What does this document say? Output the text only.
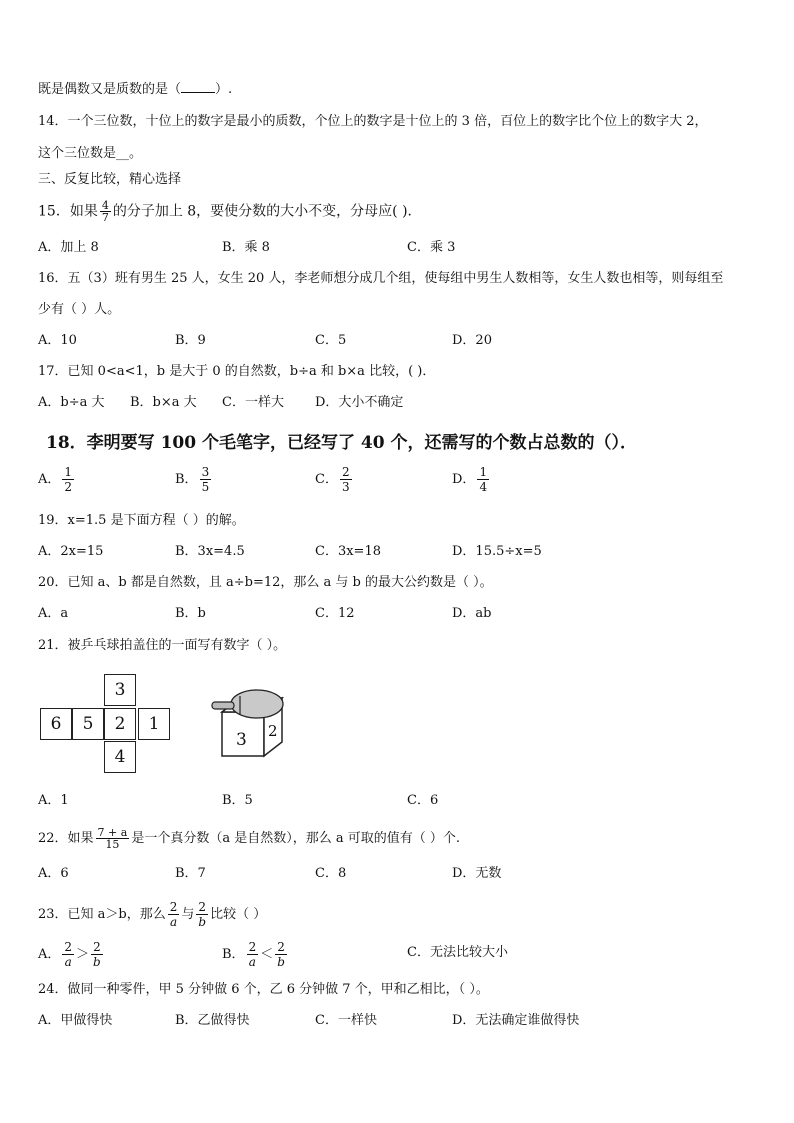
既是偶数又是质数的是（	）.
14．一个三位数，十位上的数字是最小的质数，个位上的数字是十位上的 3 倍，百位上的数字比个位上的数字大 2，
这个三位数是__。
三、反复比较，精心选择
15．如果 $\frac{4}{7}$ 的分子加上 8，要使分数的大小不变，分母应( )．
A．加上 8	B．乘 8	C．乘 3
16．五（3）班有男生 25 人，女生 20 人，李老师想分成几个组，使每组中男生人数相等，女生人数也相等，则每组至
少有（ ）人。
A．10	B．9	C．5	D．20
17．已知 0<a<1，b 是大于 0 的自然数，b÷a 和 b×a 比较，( )．
A．b÷a 大 B．b×a 大 C．一样大 D．大小不确定
18．李明要写 100 个毛笔字，已经写了 40 个，还需写的个数占总数的（）．
A． $\frac{1}{2}$	B． $\frac{3}{5}$	C． $\frac{2}{3}$	D． $\frac{1}{4}$
19．x=1.5 是下面方程（ ）的解。
A．2x=15	B．3x=4.5	C．3x=18	D．15.5÷x=5
20．已知 a、b 都是自然数，且 a÷b=12，那么 a 与 b 的最大公约数是（ ）。
A．a	B．b	C．12	D．ab
21．被乒乓球拍盖住的一面写有数字（ ）。
3
6	5	2	1
4
3 2
A．1	B．5	C．6
22．如果 $\frac{7 + a}{15}$ 是一个真分数（a 是自然数），那么 a 可取的值有（ ）个.
A．6	B．7	C．8	D．无数
23．已知 a＞b，那么 $\frac{2}{a}$ 与 $\frac{2}{b}$ 比较（ ）
A． $\frac{2}{a} > \frac{2}{b}$	B． $\frac{2}{a} < \frac{2}{b}$	C．无法比较大小
24．做同一种零件，甲 5 分钟做 6 个，乙 6 分钟做 7 个，甲和乙相比，（ ）。
A．甲做得快	B．乙做得快	C．一样快	D．无法确定谁做得快
